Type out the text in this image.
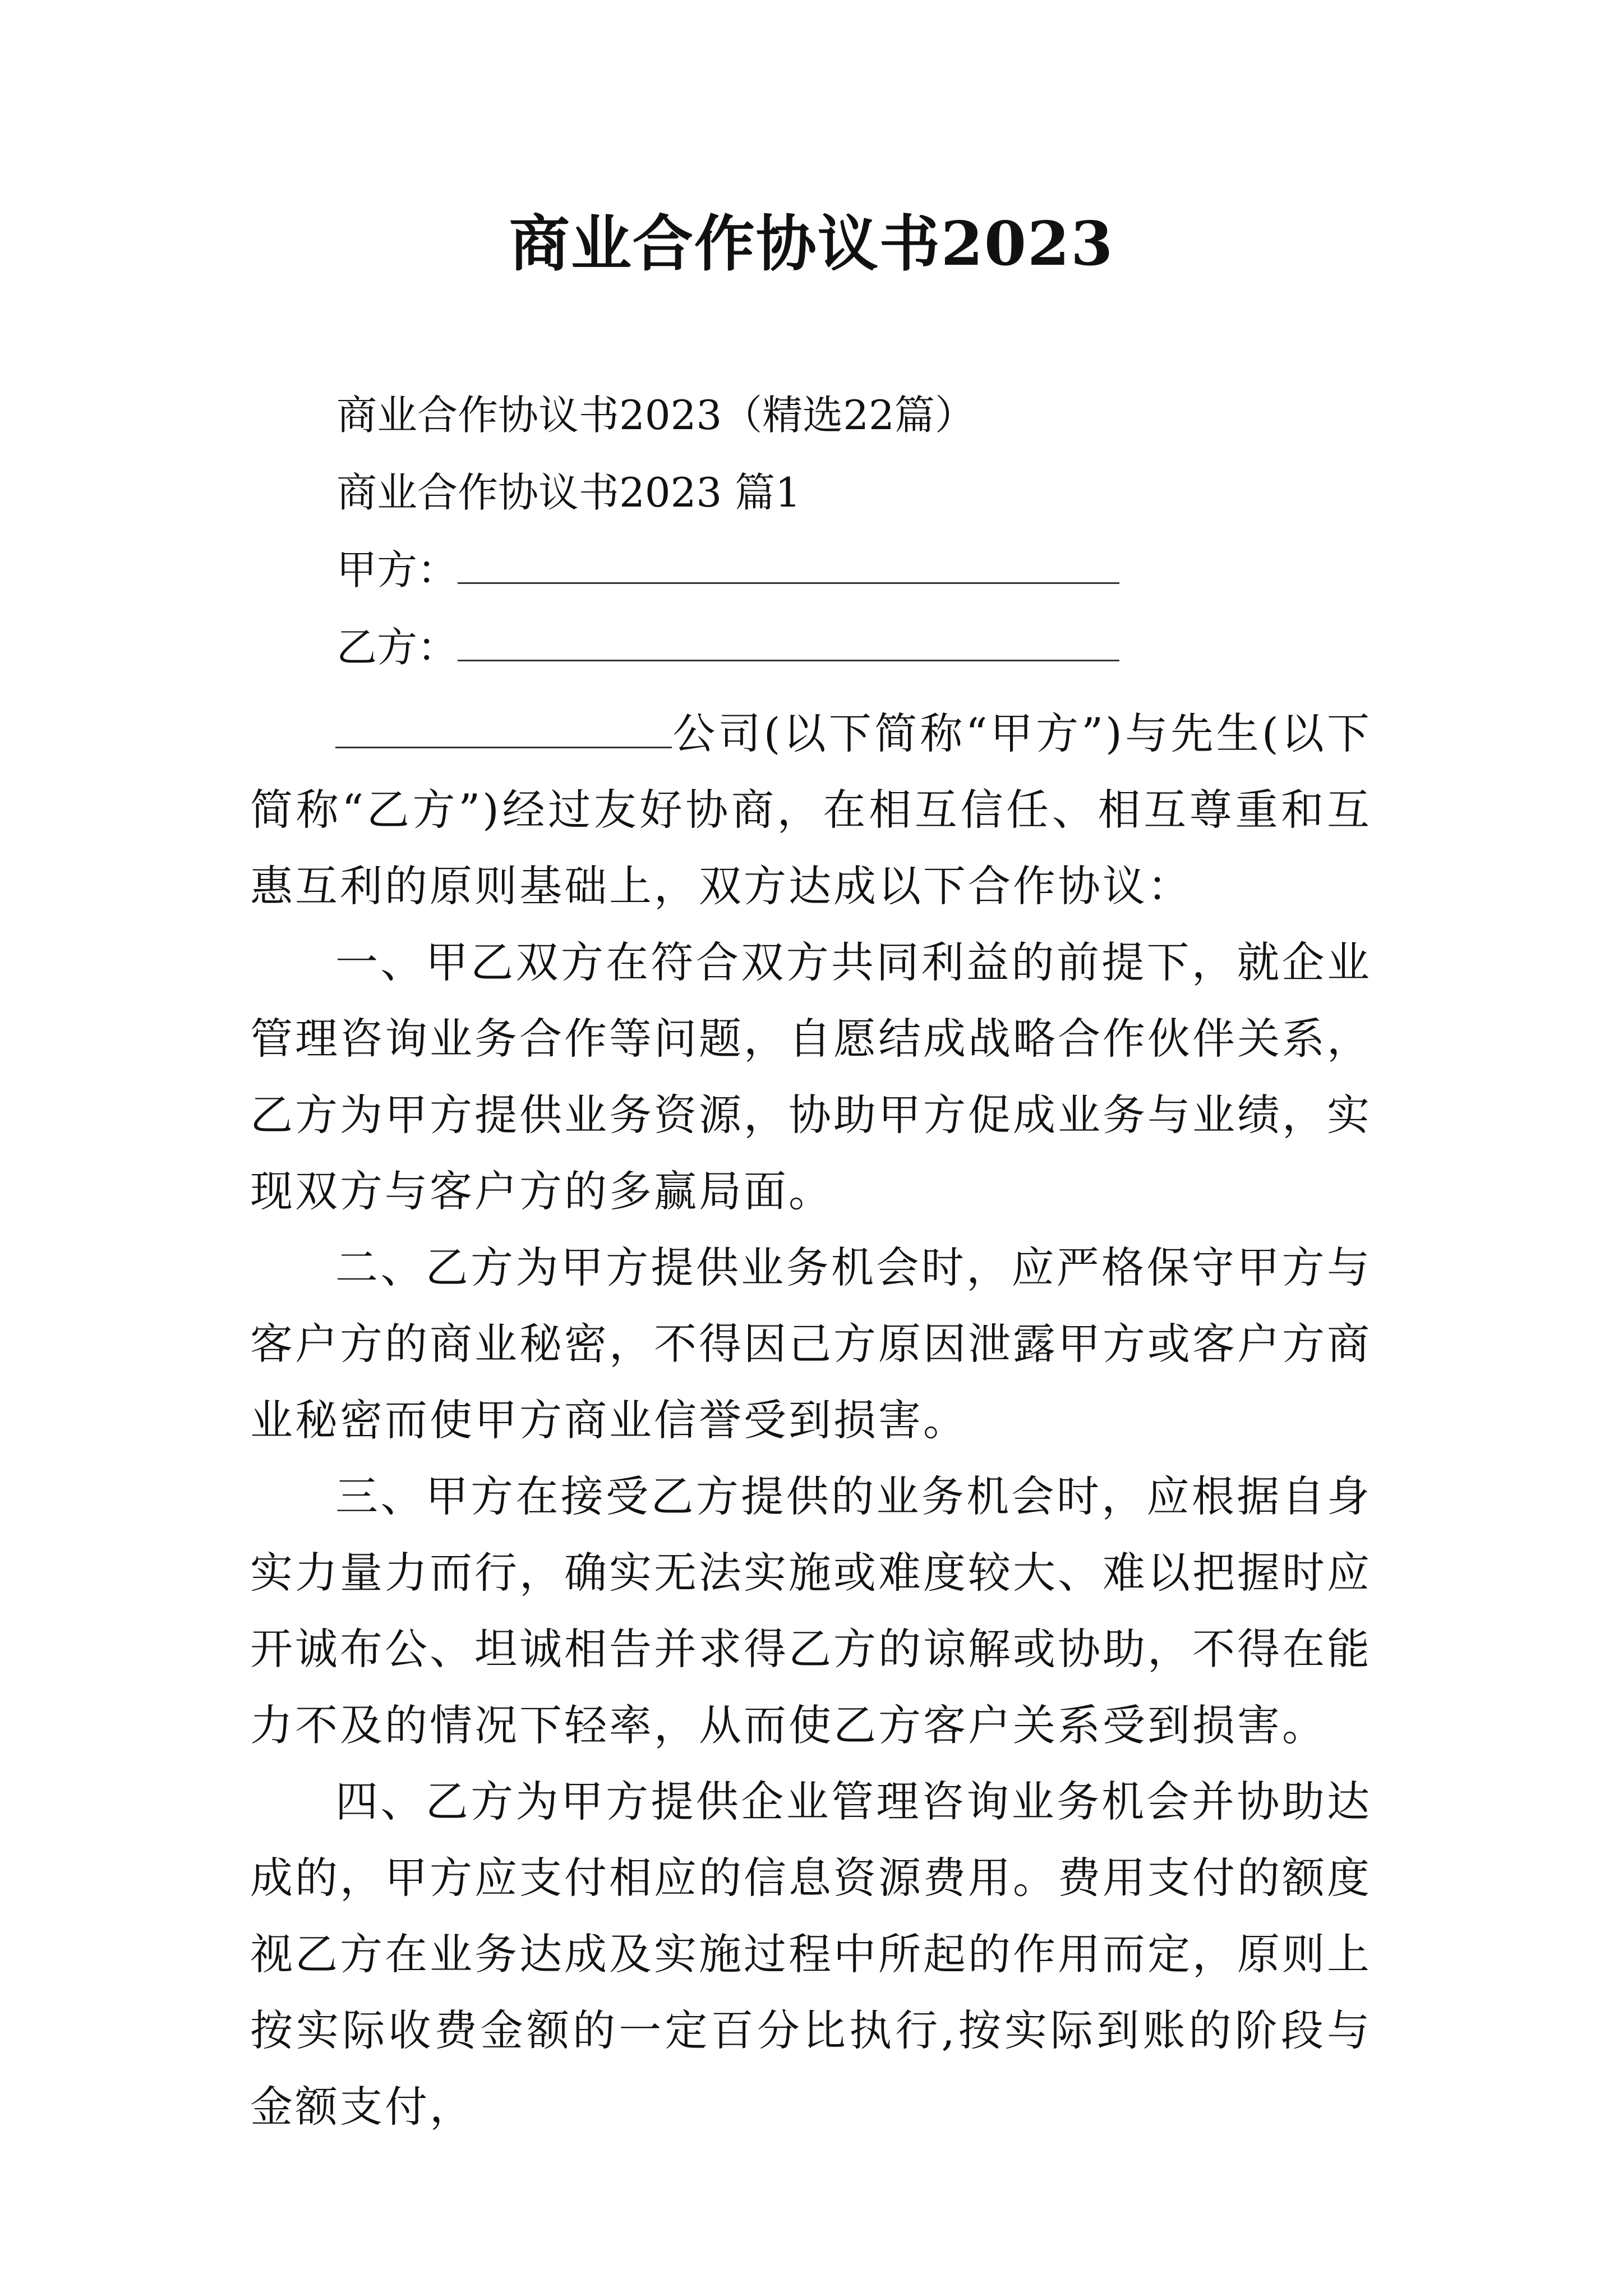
商业合作协议书2023
商业合作协议书2023（精选22篇）
商业合作协议书2023 篇1
甲方：
乙方：

公司(以下简称“甲方”)与先生(以下简称“乙方”)经过友好协商，在相互信任、相互尊重和互惠互利的原则基础上，双方达成以下合作协议：

一、甲乙双方在符合双方共同利益的前提下，就企业管理咨询业务合作等问题，自愿结成战略合作伙伴关系，乙方为甲方提供业务资源，协助甲方促成业务与业绩，实现双方与客户方的多赢局面。

二、乙方为甲方提供业务机会时，应严格保守甲方与客户方的商业秘密，不得因己方原因泄露甲方或客户方商业秘密而使甲方商业信誉受到损害。

三、甲方在接受乙方提供的业务机会时，应根据自身实力量力而行，确实无法实施或难度较大、难以把握时应开诚布公、坦诚相告并求得乙方的谅解或协助，不得在能力不及的情况下轻率，从而使乙方客户关系受到损害。

四、乙方为甲方提供企业管理咨询业务机会并协助达成的，甲方应支付相应的信息资源费用。费用支付的额度视乙方在业务达成及实施过程中所起的作用而定，原则上按实际收费金额的一定百分比执行,按实际到账的阶段与金额支付，
